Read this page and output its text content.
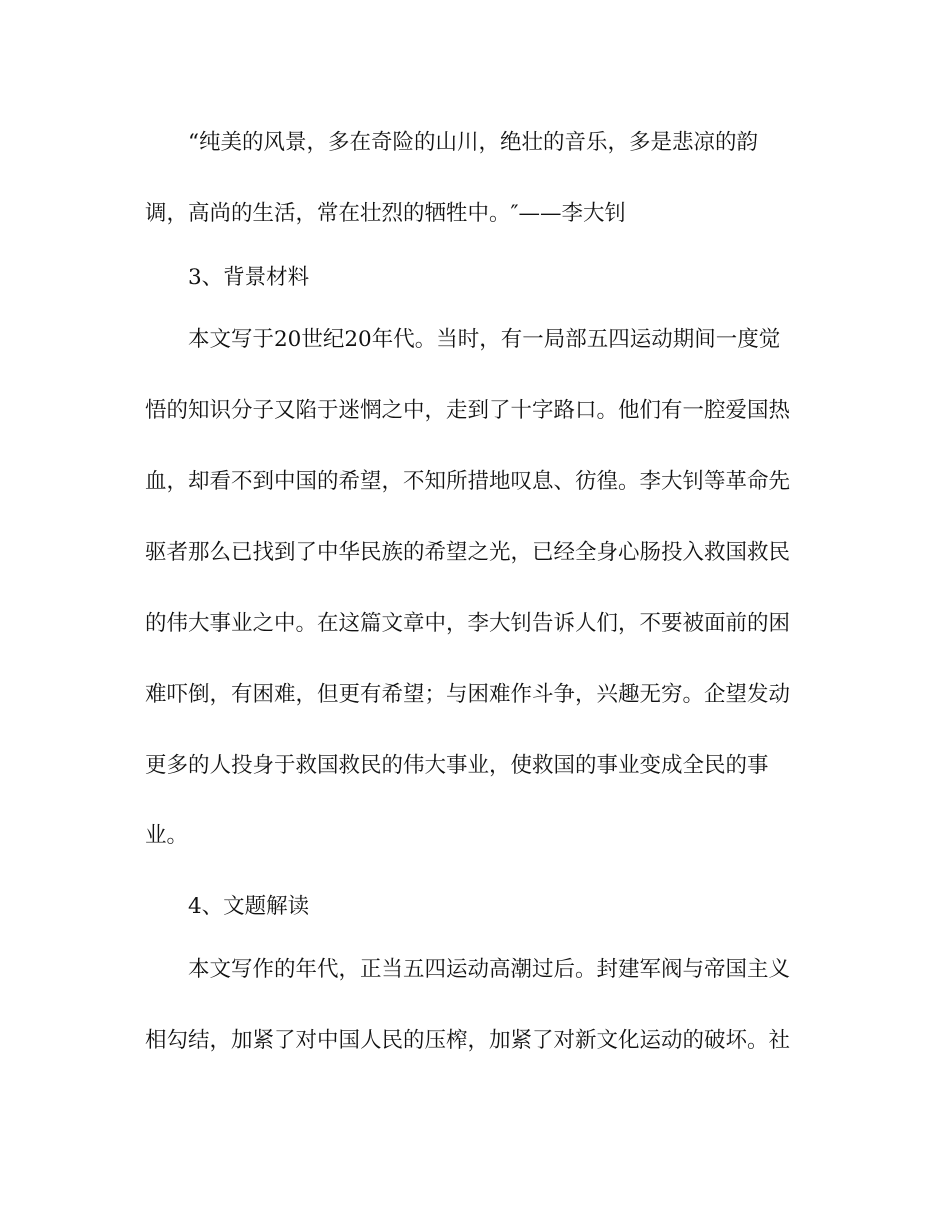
“纯美的风景，多在奇险的山川，绝壮的音乐，多是悲凉的韵
调，高尚的生活，常在壮烈的牺牲中。″——李大钊
3、背景材料
本文写于20世纪20年代。当时，有一局部五四运动期间一度觉
悟的知识分子又陷于迷惘之中，走到了十字路口。他们有一腔爱国热
血，却看不到中国的希望，不知所措地叹息、彷徨。李大钊等革命先
驱者那么已找到了中华民族的希望之光，已经全身心肠投入救国救民
的伟大事业之中。在这篇文章中，李大钊告诉人们，不要被面前的困
难吓倒，有困难，但更有希望；与困难作斗争，兴趣无穷。企望发动
更多的人投身于救国救民的伟大事业，使救国的事业变成全民的事
业。
4、文题解读
本文写作的年代，正当五四运动高潮过后。封建军阀与帝国主义
相勾结，加紧了对中国人民的压榨，加紧了对新文化运动的破坏。社
